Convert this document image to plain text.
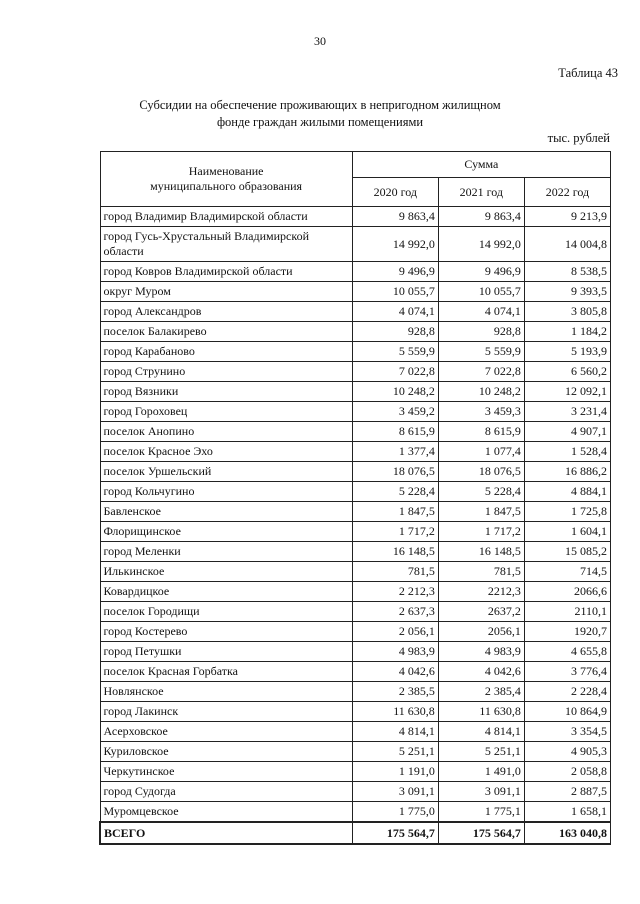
30
Таблица 43
Субсидии на обеспечение проживающих в непригодном жилищном
фонде граждан жилыми помещениями
тыс. рублей
Наименование
муниципального образования	Сумма		
	2020 год	2021 год	2022 год
город Владимир Владимирской области	9 863,4	9 863,4	9 213,9
город Гусь-Хрустальный Владимирской области	14 992,0	14 992,0	14 004,8
город Ковров Владимирской области	9 496,9	9 496,9	8 538,5
округ Муром	10 055,7	10 055,7	9 393,5
город Александров	4 074,1	4 074,1	3 805,8
поселок Балакирево	928,8	928,8	1 184,2
город Карабаново	5 559,9	5 559,9	5 193,9
город Струнино	7 022,8	7 022,8	6 560,2
город Вязники	10 248,2	10 248,2	12 092,1
город Гороховец	3 459,2	3 459,3	3 231,4
поселок Анопино	8 615,9	8 615,9	4 907,1
поселок Красное Эхо	1 377,4	1 077,4	1 528,4
поселок Уршельский	18 076,5	18 076,5	16 886,2
город Кольчугино	5 228,4	5 228,4	4 884,1
Бавленское	1 847,5	1 847,5	1 725,8
Флорищинское	1 717,2	1 717,2	1 604,1
город Меленки	16 148,5	16 148,5	15 085,2
Илькинское	781,5	781,5	714,5
Ковардицкое	2 212,3	2212,3	2066,6
поселок Городищи	2 637,3	2637,2	2110,1
город Костерево	2 056,1	2056,1	1920,7
город Петушки	4 983,9	4 983,9	4 655,8
поселок Красная Горбатка	4 042,6	4 042,6	3 776,4
Новлянское	2 385,5	2 385,4	2 228,4
город Лакинск	11 630,8	11 630,8	10 864,9
Асерховское	4 814,1	4 814,1	3 354,5
Куриловское	5 251,1	5 251,1	4 905,3
Черкутинское	1 191,0	1 491,0	2 058,8
город Судогда	3 091,1	3 091,1	2 887,5
Муромцевское	1 775,0	1 775,1	1 658,1
ВСЕГО	175 564,7	175 564,7	163 040,8
